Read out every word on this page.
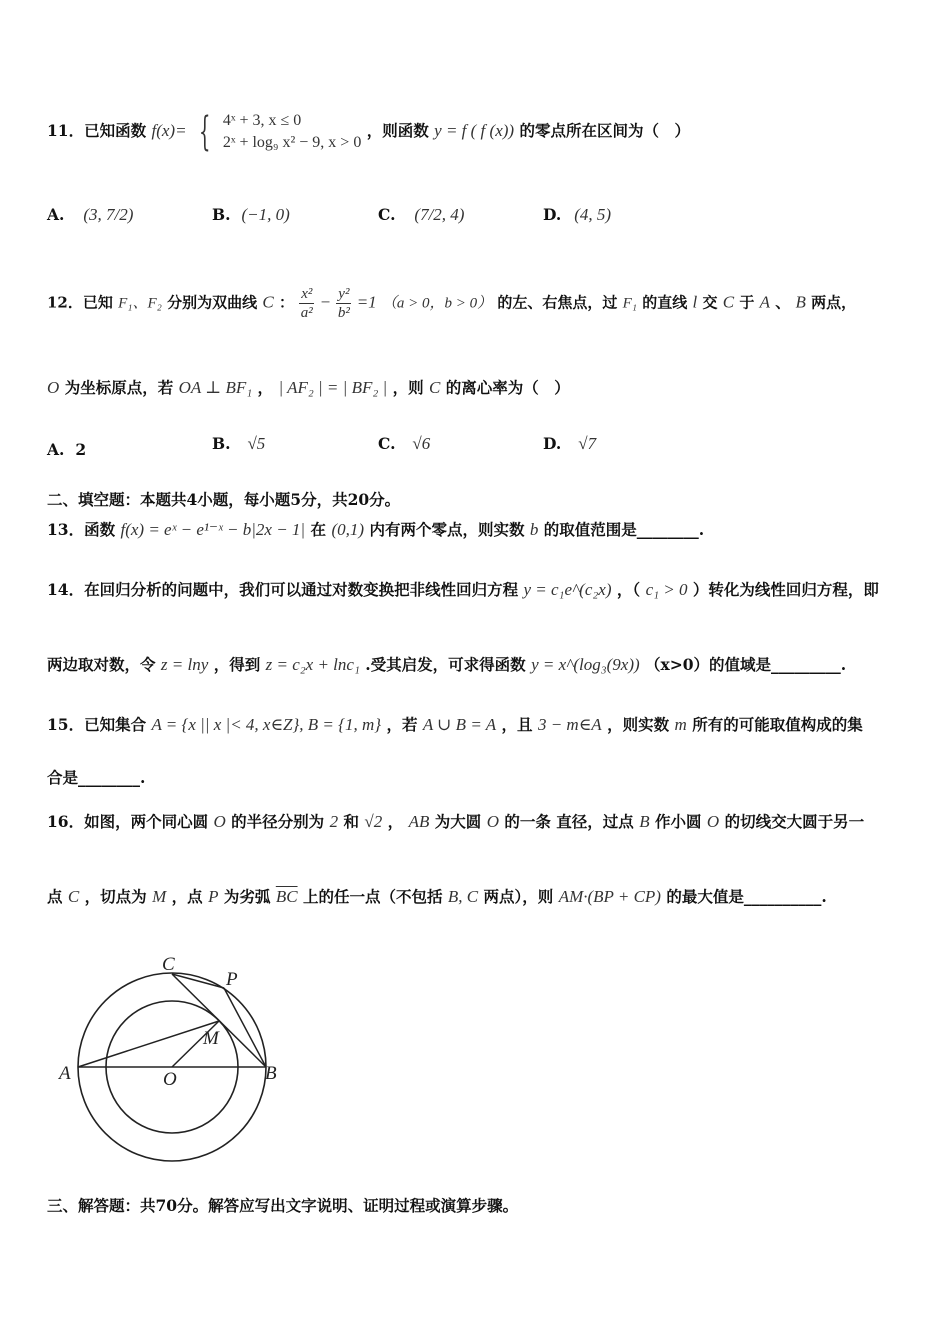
11．已知函数 f(x)= { 4ˣ + 3, x ≤ 0
2ˣ + log₉ x² − 9, x > 0
，则函数 y = f ( f (x)) 的零点所在区间为（　）
A. (3, 7/2)	B. (−1, 0)	C. (7/2, 4)	D. (4, 5)
12．已知 F₁、F₂ 分别为双曲线 C ： $\frac{\text{x²}}{\text{a²}} - \frac{\text{y²}}{\text{b²}} =1$ （a > 0，b > 0） 的左、右焦点，过 F₁ 的直线 l 交 C 于 A 、 B 两点，
O 为坐标原点，若 OA ⊥ BF₁ ， | AF₂ | = | BF₂ | ，则 C 的离心率为（　）
A. 2	B. √5	C. √6	D. √7
二、填空题：本题共4小题，每小题5分，共20分。
13．函数 f(x) = eˣ − e¹⁻ˣ − b|2x − 1| 在 (0,1) 内有两个零点，则实数 b 的取值范围是________.
14．在回归分析的问题中，我们可以通过对数变换把非线性回归方程 y = c₁e^(c₂x) ，（ c₁ > 0 ）转化为线性回归方程，即
两边取对数，令 z = lny ，得到 z = c₂x + lnc₁ .受其启发，可求得函数 y = x^(log₃(9x)) （x>0）的值域是_________.
15．已知集合 A = {x || x |< 4, x∈Z}, B = {1, m} ，若 A ∪ B = A ，且 3 − m∈A ，则实数 m 所有的可能取值构成的集
合是________.
16．如图，两个同心圆 O 的半径分别为 2 和 √2 ， AB 为大圆 O 的一条 直径，过点 B 作小圆 O 的切线交大圆于另一
点 C ，切点为 M ，点 P 为劣弧 $\overline{BC}$ 上的任一点（不包括 B, C 两点），则 AM·(BP + CP) 的最大值是__________.
A	B
C
P
M
O
三、解答题：共70分。解答应写出文字说明、证明过程或演算步骤。
